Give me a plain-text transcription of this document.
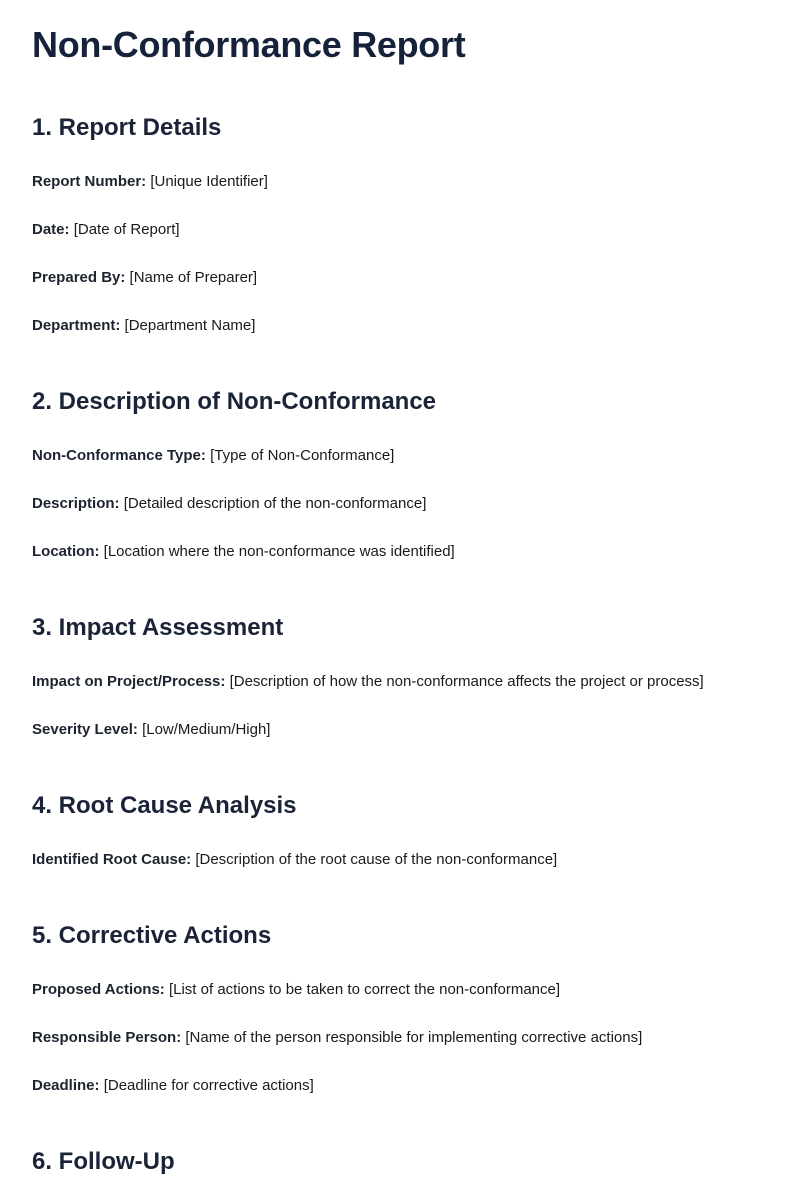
Non-Conformance Report
1. Report Details

Report Number: [Unique Identifier]

Date: [Date of Report]

Prepared By: [Name of Preparer]

Department: [Department Name]

2. Description of Non-Conformance

Non-Conformance Type: [Type of Non-Conformance]

Description: [Detailed description of the non-conformance]

Location: [Location where the non-conformance was identified]

3. Impact Assessment

Impact on Project/Process: [Description of how the non-conformance affects the project or process]

Severity Level: [Low/Medium/High]

4. Root Cause Analysis

Identified Root Cause: [Description of the root cause of the non-conformance]

5. Corrective Actions

Proposed Actions: [List of actions to be taken to correct the non-conformance]

Responsible Person: [Name of the person responsible for implementing corrective actions]

Deadline: [Deadline for corrective actions]

6. Follow-Up
